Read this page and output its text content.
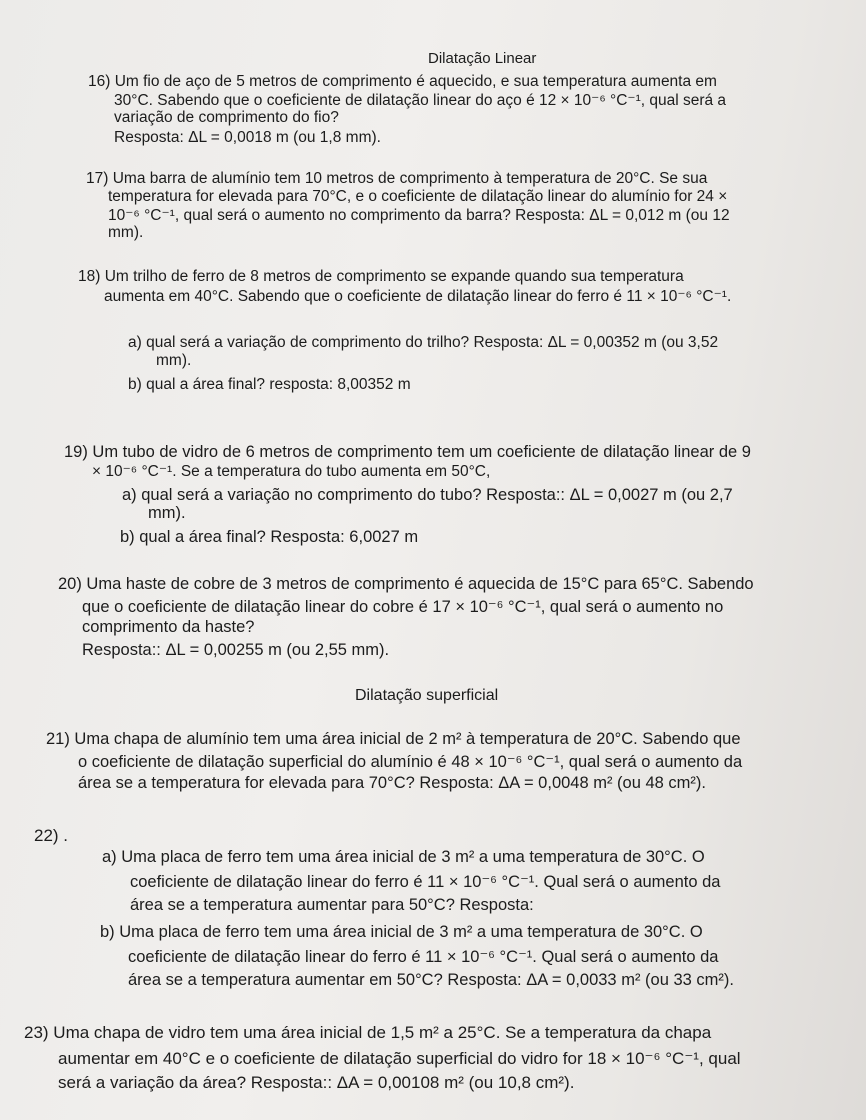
Dilatação Linear
16) Um fio de aço de 5 metros de comprimento é aquecido, e sua temperatura aumenta em
30°C. Sabendo que o coeficiente de dilatação linear do aço é 12 × 10⁻⁶ °C⁻¹, qual será a
variação de comprimento do fio?
Resposta: ΔL = 0,0018 m (ou 1,8 mm).
17) Uma barra de alumínio tem 10 metros de comprimento à temperatura de 20°C. Se sua
temperatura for elevada para 70°C, e o coeficiente de dilatação linear do alumínio for 24 ×
10⁻⁶ °C⁻¹, qual será o aumento no comprimento da barra? Resposta: ΔL = 0,012 m (ou 12
mm).
18) Um trilho de ferro de 8 metros de comprimento se expande quando sua temperatura
aumenta em 40°C. Sabendo que o coeficiente de dilatação linear do ferro é 11 × 10⁻⁶ °C⁻¹.
a) qual será a variação de comprimento do trilho? Resposta: ΔL = 0,00352 m (ou 3,52
mm).
b) qual a área final? resposta: 8,00352 m
19) Um tubo de vidro de 6 metros de comprimento tem um coeficiente de dilatação linear de 9
× 10⁻⁶ °C⁻¹. Se a temperatura do tubo aumenta em 50°C,
a) qual será a variação no comprimento do tubo? Resposta:: ΔL = 0,0027 m (ou 2,7
mm).
b) qual a área final? Resposta: 6,0027 m
20) Uma haste de cobre de 3 metros de comprimento é aquecida de 15°C para 65°C. Sabendo
que o coeficiente de dilatação linear do cobre é 17 × 10⁻⁶ °C⁻¹, qual será o aumento no
comprimento da haste?
Resposta:: ΔL = 0,00255 m (ou 2,55 mm).
Dilatação superficial
21) Uma chapa de alumínio tem uma área inicial de 2 m² à temperatura de 20°C. Sabendo que
o coeficiente de dilatação superficial do alumínio é 48 × 10⁻⁶ °C⁻¹, qual será o aumento da
área se a temperatura for elevada para 70°C? Resposta: ΔA = 0,0048 m² (ou 48 cm²).
22) .
a) Uma placa de ferro tem uma área inicial de 3 m² a uma temperatura de 30°C. O
coeficiente de dilatação linear do ferro é 11 × 10⁻⁶ °C⁻¹. Qual será o aumento da
área se a temperatura aumentar para 50°C? Resposta:
b) Uma placa de ferro tem uma área inicial de 3 m² a uma temperatura de 30°C. O
coeficiente de dilatação linear do ferro é 11 × 10⁻⁶ °C⁻¹. Qual será o aumento da
área se a temperatura aumentar em 50°C? Resposta: ΔA = 0,0033 m² (ou 33 cm²).
23) Uma chapa de vidro tem uma área inicial de 1,5 m² a 25°C. Se a temperatura da chapa
aumentar em 40°C e o coeficiente de dilatação superficial do vidro for 18 × 10⁻⁶ °C⁻¹, qual
será a variação da área? Resposta:: ΔA = 0,00108 m² (ou 10,8 cm²).
